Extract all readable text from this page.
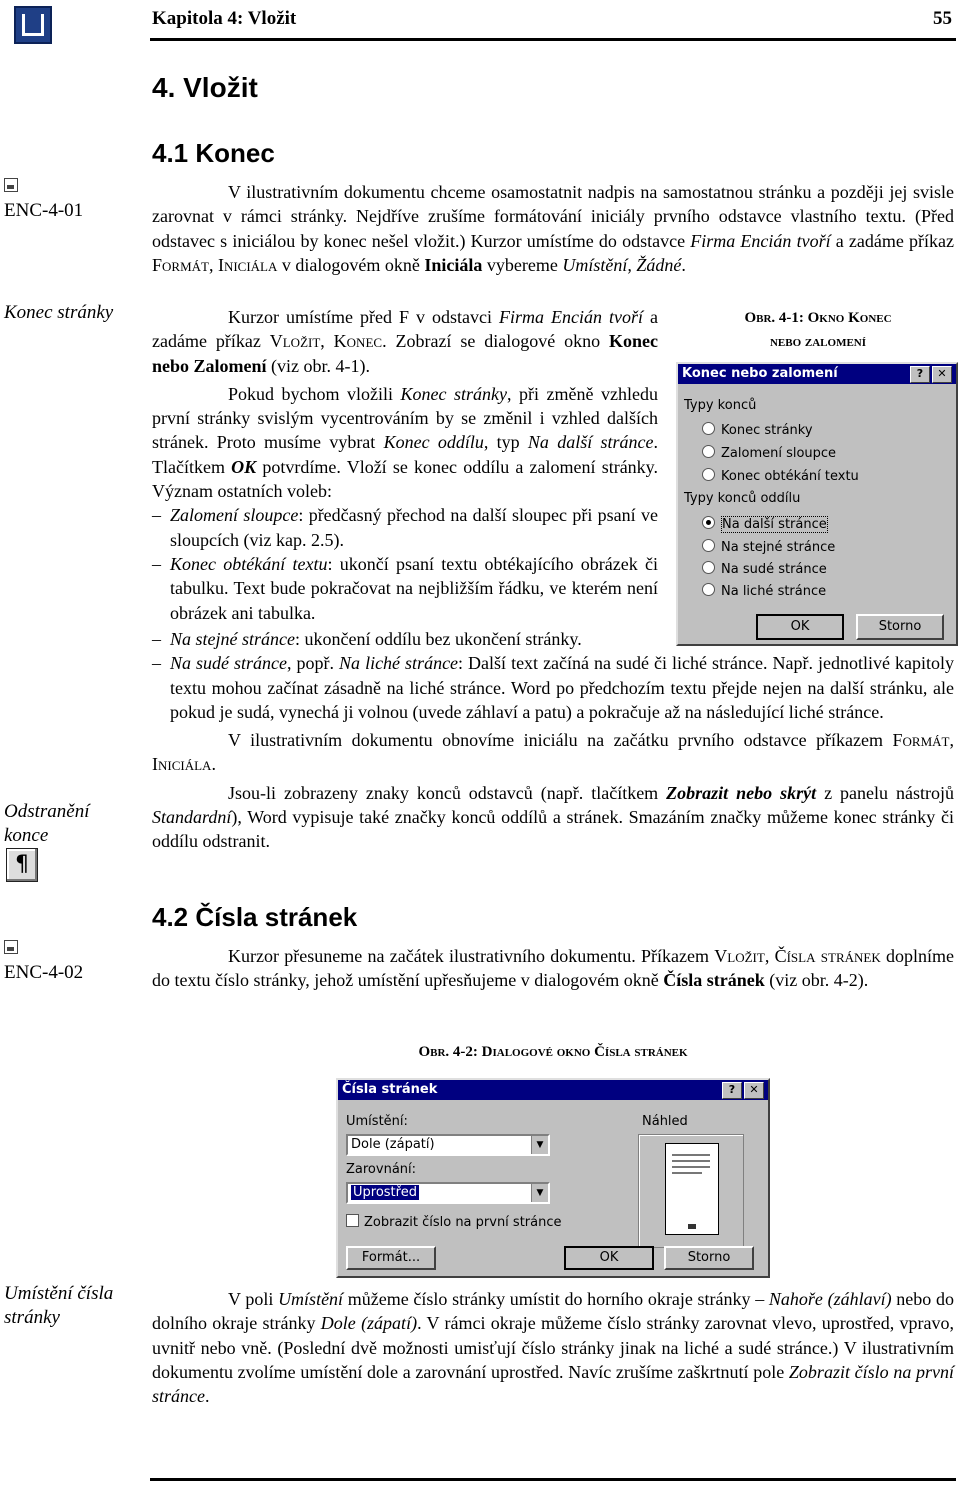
Kapitola 4: Vložit	55
4. Vložit
4.1 Konec

ENC-4-01
Konec stránky
Odstranění konce
¶

ENC-4-02
Umístění čísla stránky

V ilustrativním dokumentu chceme osamostatnit nadpis na samostatnou stránku a později jej svisle zarovnat v rámci stránky. Nejdříve zrušíme formátování iniciály prvního odstavce vlastního textu. (Před odstavec s iniciálou by konec nešel vložit.) Kurzor umístíme do odstavce Firma Encián tvoří a zadáme příkaz Formát, Iniciála v dialogovém okně Iniciála vybereme Umístění, Žádné.

Kurzor umístíme před F v odstavci Firma Encián tvoří a zadáme příkaz Vložit, Konec. Zobrazí se dialogové okno Konec nebo Zalomení (viz obr. 4-1).

Pokud bychom vložili Konec stránky, při změně vzhledu první stránky svislým vycentrováním by se změnil i vzhled dalších stránek. Proto musíme vybrat Konec oddílu, typ Na další stránce. Tlačítkem OK potvrdíme. Vloží se konec oddílu a zalomení stránky. Význam ostatních voleb:

– Zalomení sloupce: předčasný přechod na další sloupec při psaní ve sloupcích (viz kap. 2.5).

– Konec obtékání textu: ukončí psaní textu obtékajícího obrázek či tabulku. Text bude pokračovat na nejbližším řádku, ve kterém není obrázek ani tabulka.

– Na stejné stránce: ukončení oddílu bez ukončení stránky.

– Na sudé stránce, popř. Na liché stránce: Další text začíná na sudé či liché stránce. Např. jednotlivé kapitoly textu mohou začínat zásadně na liché stránce. Word po předchozím textu přejde nejen na další stránku, ale pokud je sudá, vynechá ji volnou (uvede záhlaví a patu) a pokračuje až na následující liché stránce.

V ilustrativním dokumentu obnovíme iniciálu na začátku prvního odstavce příkazem Formát, Iniciála.

Jsou-li zobrazeny znaky konců odstavců (např. tlačítkem Zobrazit nebo skrýt z panelu nástrojů Standardní), Word vypisuje také značky konců oddílů a stránek. Smazáním značky můžeme konec stránky či oddílu odstranit.

Obr. 4-1: Okno Konec
nebo zalomení
Konec nebo zalomení	?	✕
Typy konců
Konec stránky
Zalomení sloupce
Konec obtékání textu
Typy konců oddílu
Na další stránce
Na stejné stránce
Na sudé stránce
Na liché stránce
OK	Storno
4.2 Čísla stránek

Kurzor přesuneme na začátek ilustrativního dokumentu. Příkazem Vložit, Čísla stránek doplníme do textu číslo stránky, jehož umístění upřesňujeme v dialogovém okně Čísla stránek (viz obr. 4-2).

Obr. 4-2: Dialogové okno Čísla stránek
Čísla stránek	?	✕
Umístění:
Dole (zápatí)	▼
Zarovnání:
Uprostřed	▼
Zobrazit číslo na první stránce
Náhled
Formát...	OK	Storno

V poli Umístění můžeme číslo stránky umístit do horního okraje stránky – Nahoře (záhlaví) nebo do dolního okraje stránky Dole (zápatí). V rámci okraje můžeme číslo stránky zarovnat vlevo, uprostřed, vpravo, uvnitř nebo vně. (Poslední dvě možnosti umisťují číslo stránky jinak na liché a sudé stránce.) V ilustrativním dokumentu zvolíme umístění dole a zarovnání uprostřed. Navíc zrušíme zaškrtnutí pole Zobrazit číslo na první stránce.
